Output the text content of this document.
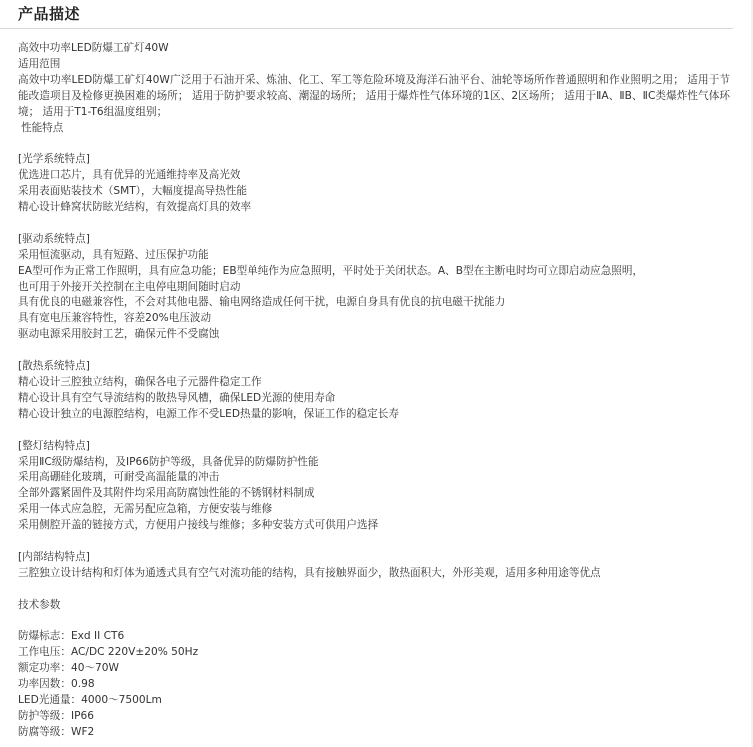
产品描述
高效中功率LED防爆工矿灯40W
适用范围
高效中功率LED防爆工矿灯40W广泛用于石油开采、炼油、化工、军工等危险环境及海洋石油平台、油轮等场所作普通照明和作业照明之用； 适用于节能改造项目及检修更换困难的场所； 适用于防护要求较高、潮湿的场所； 适用于爆炸性气体环境的1区、2区场所； 适用于ⅡA、ⅡB、ⅡC类爆炸性气体环境； 适用于T1-T6组温度组别；
性能特点
[光学系统特点]
优选进口芯片，具有优异的光通维持率及高光效
采用表面贴装技术（SMT），大幅度提高导热性能
精心设计蜂窝状防眩光结构，有效提高灯具的效率
[驱动系统特点]
采用恒流驱动，具有短路、过压保护功能
EA型可作为正常工作照明，具有应急功能；EB型单纯作为应急照明，平时处于关闭状态。A、B型在主断电时均可立即启动应急照明，
也可用于外接开关控制在主电停电期间随时启动
具有优良的电磁兼容性，不会对其他电器、输电网络造成任何干扰，电源自身具有优良的抗电磁干扰能力
具有宽电压兼容特性，容差20%电压波动
驱动电源采用胶封工艺，确保元件不受腐蚀
[散热系统特点]
精心设计三腔独立结构，确保各电子元器件稳定工作
精心设计具有空气导流结构的散热导风槽，确保LED光源的使用寿命
精心设计独立的电源腔结构，电源工作不受LED热量的影响，保证工作的稳定长寿
[整灯结构特点]
采用ⅡC级防爆结构，及IP66防护等级，具备优异的防爆防护性能
采用高硼硅化玻璃，可耐受高温能量的冲击
全部外露紧固件及其附件均采用高防腐蚀性能的不锈钢材料制成
采用一体式应急腔，无需另配应急箱，方便安装与维修
采用侧腔开盖的链接方式，方便用户接线与维修；多种安装方式可供用户选择
[内部结构特点]
三腔独立设计结构和灯体为通透式具有空气对流功能的结构，具有接触界面少，散热面积大，外形美观，适用多种用途等优点
技术参数
防爆标志：Exd II CT6
工作电压：AC/DC 220V±20% 50Hz
额定功率：40～70W
功率因数：0.98
LED光通量：4000～7500Lm
防护等级：IP66
防腐等级：WF2
